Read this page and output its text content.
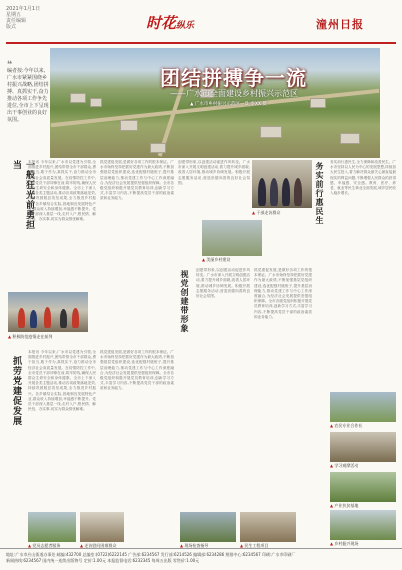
2021年1月1日
星期五
责任编辑
版式	时花纵乐	潼州日报
❝
编者按:今年以来,广水市紧紧围绕乡村振兴战略,团结拼搏、真抓实干,奋力推动各项工作争先进位,全市上下呈现出干事创业的良好氛围。
团结拼搏争一流
——广水市全面建设乡村振兴示范区
▲ 广水市乡村振兴示范区一景 李XX 摄
一般狂光前勇担当	本报讯 今年以来,广水市以党建为引领,全面推进乡村振兴,团结带领全市干部群众,勇于担当,敢于作为,真抓实干,奋力推动全市经济社会高质量发展。在疫情防控工作中,全市党员干部冲锋在前,筑牢防线,确保人民群众生命安全和身体健康。全市上下深入开展各类主题活动,推动各项政策落地见效,持续巩固脱贫攻坚成果,全力推进乡村振兴。各乡镇结合实际,因地制宜发展特色产业,群众收入持续增加,幸福感不断提升。党员干部深入基层一线,走村入户,察民情、解民忧、办实事,切实为群众排忧解难。
抓党建促发展,是做好各项工作的根本保证。广水市始终坚持把抓好党建作为最大政绩,不断加强基层党组织建设,选优配强村级班子,提升基层治理能力,推动党建工作与中心工作深度融合,为经济社会发展提供坚强组织保障。全市各级党组织积极开展党员教育培训,创新学习方式,丰富学习内容,不断提高党员干部的政治素质和业务能力。
▲ 积极防范疫情走在前列
抓劳党建促发展
本报讯 今年以来,广水市以党建为引领,全面推进乡村振兴,团结带领全市干部群众,勇于担当,敢于作为,真抓实干,奋力推动全市经济社会高质量发展。在疫情防控工作中,全市党员干部冲锋在前,筑牢防线,确保人民群众生命安全和身体健康。全市上下深入开展各类主题活动,推动各项政策落地见效,持续巩固脱贫攻坚成果,全力推进乡村振兴。各乡镇结合实际,因地制宜发展特色产业,群众收入持续增加,幸福感不断提升。党员干部深入基层一线,走村入户,察民情、解民忧、办实事,切实为群众排忧解难。
抓党建促发展,是做好各项工作的根本保证。广水市始终坚持把抓好党建作为最大政绩,不断加强基层党组织建设,选优配强村级班子,提升基层治理能力,推动党建工作与中心工作深度融合,为经济社会发展提供坚强组织保障。全市各级党组织积极开展党员教育培训,创新学习方式,丰富学习内容,不断提高党员干部的政治素质和业务能力。
▲ 党员志愿者服务	▲ 走访慰问困难群众
创建带形象,以创建活动促进作风转变。广水市深入开展文明创建活动,着力提升城乡面貌,改善人居环境,推动城乡协调发展。积极开展志愿服务活动,营造崇德向善的良好社会氛围。
▲ 干部走访群众
▲ 美丽乡村建设
视党创建带形象 创建带形象,以创建活动促进作风转变。广水市深入开展文明创建活动,着力提升城乡面貌,改善人居环境,推动城乡协调发展。积极开展志愿服务活动,营造崇德向善的良好社会氛围。
抓党建促发展,是做好各项工作的根本保证。广水市始终坚持把抓好党建作为最大政绩,不断加强基层党组织建设,选优配强村级班子,提升基层治理能力,推动党建工作与中心工作深度融合,为经济社会发展提供坚强组织保障。全市各级党组织积极开展党员教育培训,创新学习方式,丰富学习内容,不断提高党员干部的政治素质和业务能力。
▲ 现场检查指导	▲ 民生工程项目
务实前行惠民生 务实前行惠民生,全力保障和改善民生。广水市坚持以人民为中心的发展思想,持续加大民生投入,着力解决群众最关心最直接最现实的利益问题,不断增强人民群众的获得感、幸福感、安全感。教育、医疗、养老、就业等民生事业全面发展,城乡居民收入稳步增长。
▲ 农民专业合作社
▲ 学习观摩活动
▲ 产业扶贫基地
▲ 乡村振兴现场
地址:广水市应山街道办事处 邮编:432700 总编室:(0722)6222145 广告部:6234567 发行部:6214526 编辑部:6234286 照排中心:6234567 印刷:广水市印刷厂
新闻热线:6234567 国内统一连续出版物号 定价:1.00元 本报监督电话:6232345 每周五出版 零售价:1.00元
